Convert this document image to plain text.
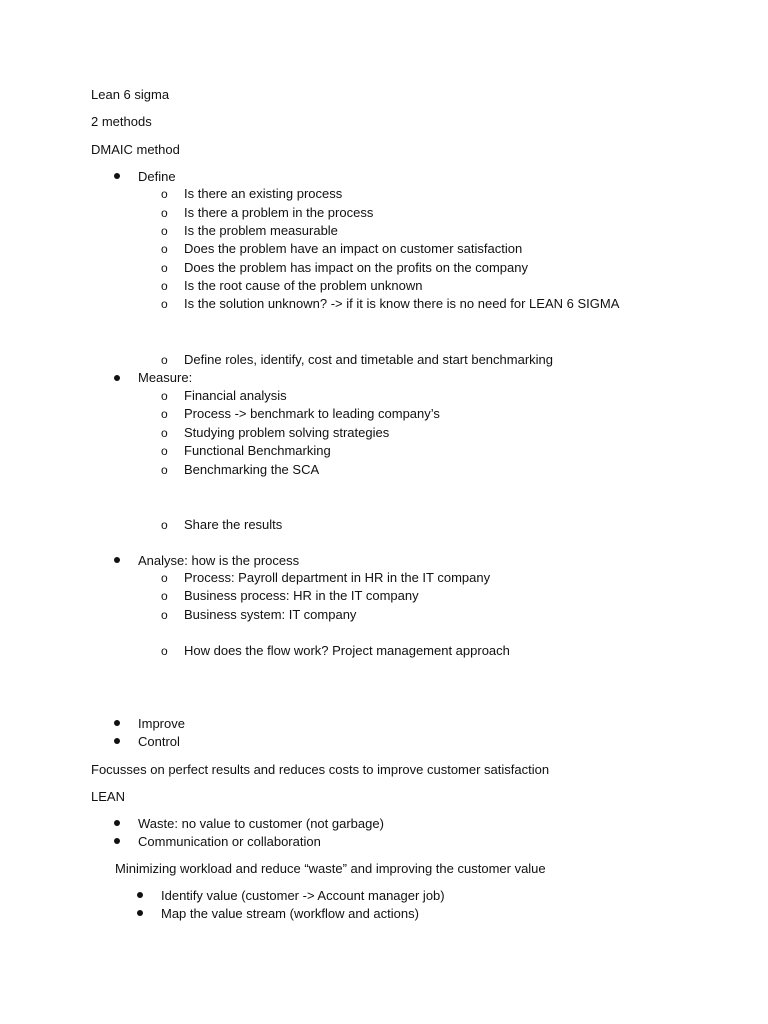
Lean 6 sigma
2 methods
DMAIC method
Define
o Is there an existing process
o Is there a problem in the process
o Is the problem measurable
o Does the problem have an impact on customer satisfaction
o Does the problem has impact on the profits on the company
o Is the root cause of the problem unknown
o Is the solution unknown? -> if it is know there is no need for LEAN 6 SIGMA
o Define roles, identify, cost and timetable and start benchmarking
Measure:
o Financial analysis
o Process -> benchmark to leading company’s
o Studying problem solving strategies
o Functional Benchmarking
o Benchmarking the SCA
o Share the results
Analyse: how is the process
o Process: Payroll department in HR in the IT company
o Business process: HR in the IT company
o Business system: IT company
o How does the flow work? Project management approach
Improve
Control
Focusses on perfect results and reduces costs to improve customer satisfaction
LEAN
Waste: no value to customer (not garbage)
Communication or collaboration
Minimizing workload and reduce “waste” and improving the customer value
Identify value (customer -> Account manager job)
Map the value stream (workflow and actions)
